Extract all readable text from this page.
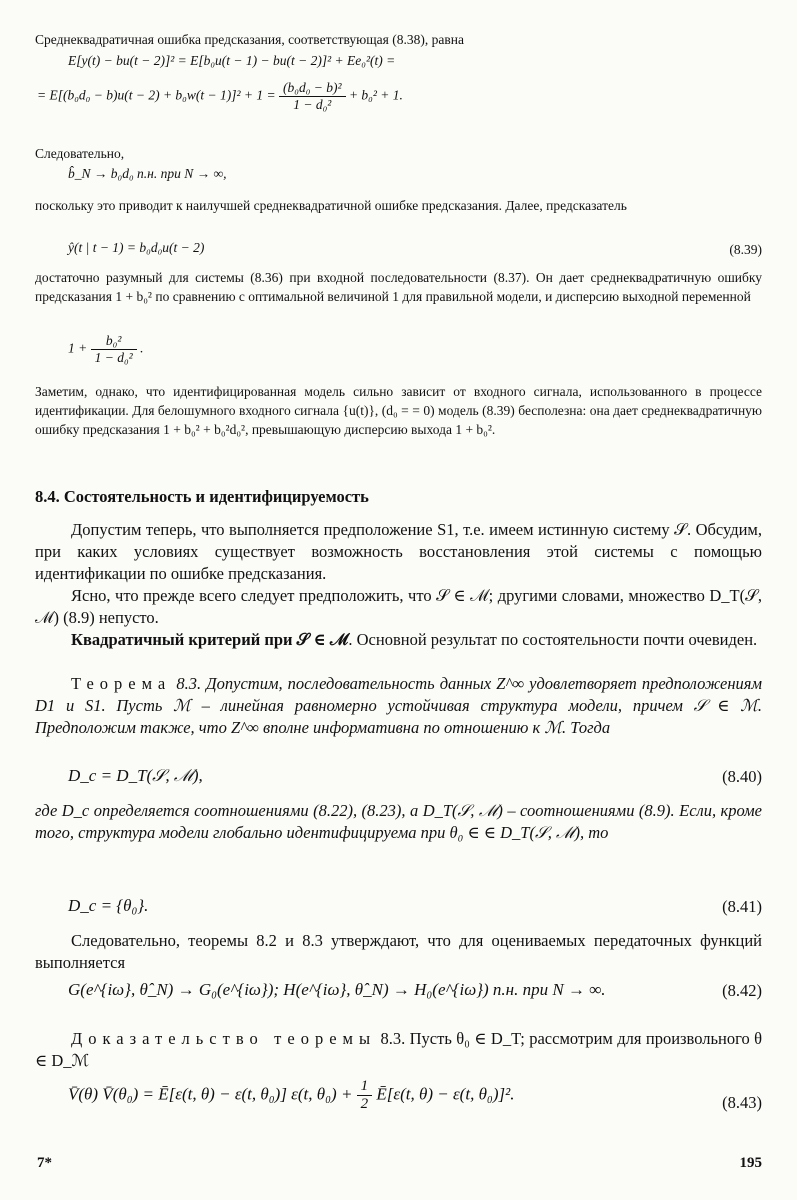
Среднеквадратичная ошибка предсказания, соответствующая (8.38), равна
E[y(t) − bu(t − 2)]² = E[b₀u(t − 1) − bu(t − 2)]² + Ee₀²(t) =
= $E[(b_0d_0 - b)u(t - 2) + b_0w(t - 1)]^2 + 1 = \frac{\text{(b₀d₀ − b)²}}{\text{1 − d₀²}} + b_0^2 + 1$.
Следовательно,
b̂_N → b₀d₀ п.н. при N → ∞,
поскольку это приводит к наилучшей среднеквадратичной ошибке предсказания. Далее, предсказатель
ŷ(t | t − 1) = b₀d₀u(t − 2)	(8.39)
достаточно разумный для системы (8.36) при входной последовательности (8.37). Он дает среднеквадратичную ошибку предсказания 1 + b₀² по сравнению с оптимальной величиной 1 для правильной модели, и дисперсию выходной переменной
$1 + \frac{\text{b₀²}}{\text{1 − d₀²}}$ .
Заметим, однако, что идентифицированная модель сильно зависит от входного сигнала, использованного в процессе идентификации. Для белошумного входного сигнала {u(t)}, (d₀ = = 0) модель (8.39) бесполезна: она дает среднеквадратичную ошибку предсказания 1 + b₀² + b₀²d₀², превышающую дисперсию выхода 1 + b₀².
8.4. Состоятельность и идентифицируемость
Допустим теперь, что выполняется предположение S1, т.е. имеем истинную систему 𝒮. Обсудим, при каких условиях существует возможность восстановления этой системы с помощью идентификации по ошибке предсказания.
Ясно, что прежде всего следует предположить, что 𝒮 ∈ ℳ; другими словами, множество D_T(𝒮, ℳ) (8.9) непусто.
Квадратичный критерий при 𝒮 ∈ ℳ. Основной результат по состоятельности почти очевиден.
Теорема 8.3. Допустим, последовательность данных Z^∞ удовлетворяет предположениям D1 и S1. Пусть ℳ – линейная равномерно устойчивая структура модели, причем 𝒮 ∈ ℳ. Предположим также, что Z^∞ вполне информативна по отношению к ℳ. Тогда
D_c = D_T(𝒮, ℳ),	(8.40)
где D_c определяется соотношениями (8.22), (8.23), а D_T(𝒮, ℳ) – соотношениями (8.9). Если, кроме того, структура модели глобально идентифицируема при θ₀ ∈ ∈ D_T(𝒮, ℳ), то
D_c = {θ₀}.	(8.41)
Следовательно, теоремы 8.2 и 8.3 утверждают, что для оцениваемых передаточных функций выполняется
G(e^{iω}, θ̂_N) → G₀(e^{iω}); H(e^{iω}, θ̂_N) → H₀(e^{iω}) п.н. при N → ∞.	(8.42)
Доказательство теоремы 8.3. Пусть θ₀ ∈ D_T; рассмотрим для произвольного θ ∈ D_ℳ
V̄(θ) V̄(θ₀) = Ē[ε(t, θ) − ε(t, θ₀)] ε(t, $\theta_0) + \frac{1}{2}$ Ē[ε(t, θ) − ε(t, θ₀)]².	(8.43)
7*	195
